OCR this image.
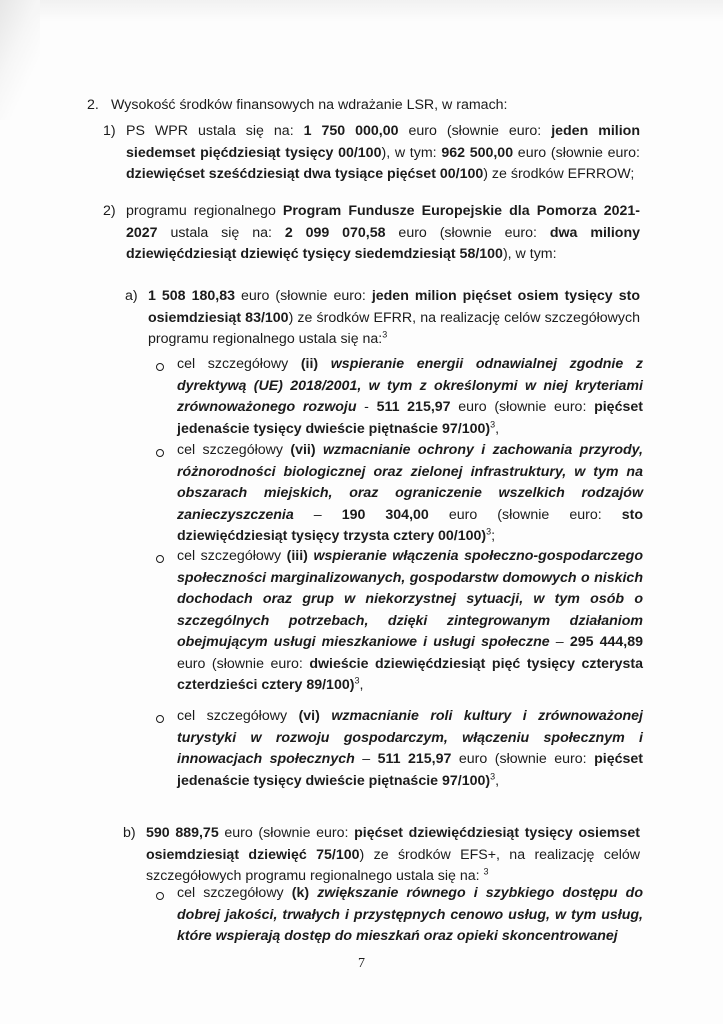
2. Wysokość środków finansowych na wdrażanie LSR, w ramach:

1) PS WPR ustala się na: 1 750 000,00 euro (słownie euro: jeden milion siedemset pięćdziesiąt tysięcy 00/100), w tym: 962 500,00 euro (słownie euro: dziewięćset sześćdziesiąt dwa tysiące pięćset 00/100) ze środków EFRROW;

2) programu regionalnego Program Fundusze Europejskie dla Pomorza 2021-2027 ustala się na: 2 099 070,58 euro (słownie euro: dwa miliony dziewięćdziesiąt dziewięć tysięcy siedemdziesiąt 58/100), w tym:

a) 1 508 180,83 euro (słownie euro: jeden milion pięćset osiem tysięcy sto osiemdziesiąt 83/100) ze środków EFRR, na realizację celów szczegółowych programu regionalnego ustala się na:$^3$

cel szczegółowy (ii) wspieranie energii odnawialnej zgodnie z dyrektywą (UE) 2018/2001, w tym z określonymi w niej kryteriami zrównoważonego rozwoju - 511 215,97 euro (słownie euro: pięćset jedenaście tysięcy dwieście piętnaście 97/100)$^3$,

cel szczegółowy (vii) wzmacnianie ochrony i zachowania przyrody, różnorodności biologicznej oraz zielonej infrastruktury, w tym na obszarach miejskich, oraz ograniczenie wszelkich rodzajów zanieczyszczenia – 190 304,00 euro (słownie euro: sto dziewięćdziesiąt tysięcy trzysta cztery 00/100)$^3$;

cel szczegółowy (iii) wspieranie włączenia społeczno-gospodarczego społeczności marginalizowanych, gospodarstw domowych o niskich dochodach oraz grup w niekorzystnej sytuacji, w tym osób o szczególnych potrzebach, dzięki zintegrowanym działaniom obejmującym usługi mieszkaniowe i usługi społeczne – 295 444,89 euro (słownie euro: dwieście dziewięćdziesiąt pięć tysięcy czterysta czterdzieści cztery 89/100)$^3$,

cel szczegółowy (vi) wzmacnianie roli kultury i zrównoważonej turystyki w rozwoju gospodarczym, włączeniu społecznym i innowacjach społecznych – 511 215,97 euro (słownie euro: pięćset jedenaście tysięcy dwieście piętnaście 97/100)$^3$,

b) 590 889,75 euro (słownie euro: pięćset dziewięćdziesiąt tysięcy osiemset osiemdziesiąt dziewięć 75/100) ze środków EFS+, na realizację celów szczegółowych programu regionalnego ustala się na: $^3$

cel szczegółowy (k) zwiększanie równego i szybkiego dostępu do dobrej jakości, trwałych i przystępnych cenowo usług, w tym usług, które wspierają dostęp do mieszkań oraz opieki skoncentrowanej

7
